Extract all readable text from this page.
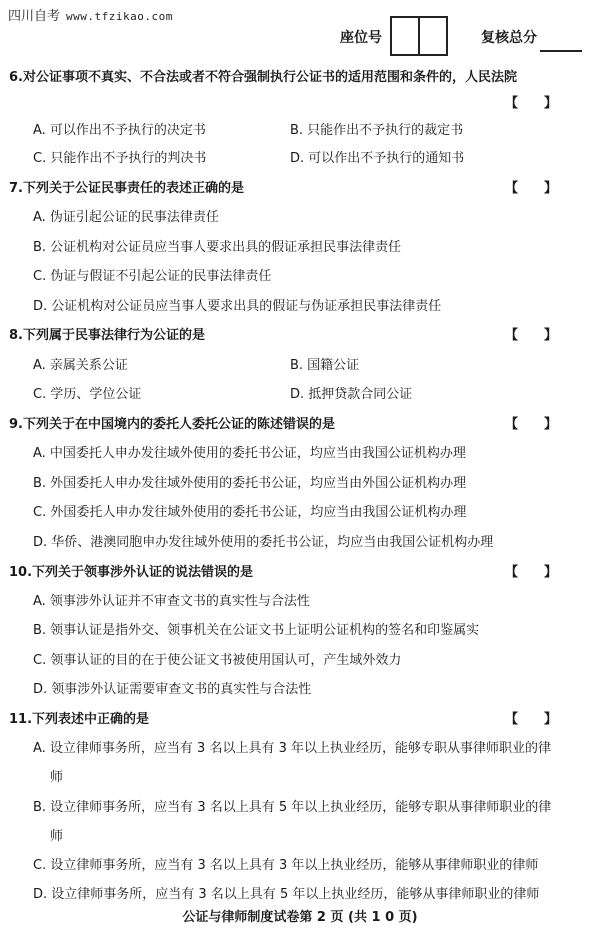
四川自考 www.tfzikao.com
座位号	复核总分
6.对公证事项不真实、不合法或者不符合强制执行公证书的适用范围和条件的，人民法院
【　　】
A. 可以作出不予执行的决定书	B. 只能作出不予执行的裁定书
C. 只能作出不予执行的判决书	D. 可以作出不予执行的通知书
7.下列关于公证民事责任的表述正确的是	【　　】
A. 伪证引起公证的民事法律责任
B. 公证机构对公证员应当事人要求出具的假证承担民事法律责任
C. 伪证与假证不引起公证的民事法律责任
D. 公证机构对公证员应当事人要求出具的假证与伪证承担民事法律责任
8.下列属于民事法律行为公证的是	【　　】
A. 亲属关系公证	B. 国籍公证
C. 学历、学位公证	D. 抵押贷款合同公证
9.下列关于在中国境内的委托人委托公证的陈述错误的是	【　　】
A. 中国委托人申办发往域外使用的委托书公证，均应当由我国公证机构办理
B. 外国委托人申办发往域外使用的委托书公证，均应当由外国公证机构办理
C. 外国委托人申办发往域外使用的委托书公证，均应当由我国公证机构办理
D. 华侨、港澳同胞申办发往域外使用的委托书公证，均应当由我国公证机构办理
10.下列关于领事涉外认证的说法错误的是	【　　】
A. 领事涉外认证并不审查文书的真实性与合法性
B. 领事认证是指外交、领事机关在公证文书上证明公证机构的签名和印鉴属实
C. 领事认证的目的在于使公证文书被使用国认可，产生域外效力
D. 领事涉外认证需要审查文书的真实性与合法性
11.下列表述中正确的是	【　　】
A. 设立律师事务所，应当有 3 名以上具有 3 年以上执业经历，能够专职从事律师职业的律
师
B. 设立律师事务所，应当有 3 名以上具有 5 年以上执业经历，能够专职从事律师职业的律
师
C. 设立律师事务所，应当有 3 名以上具有 3 年以上执业经历，能够从事律师职业的律师
D. 设立律师事务所，应当有 3 名以上具有 5 年以上执业经历，能够从事律师职业的律师
公证与律师制度试卷第 2 页 (共 1 0 页)
